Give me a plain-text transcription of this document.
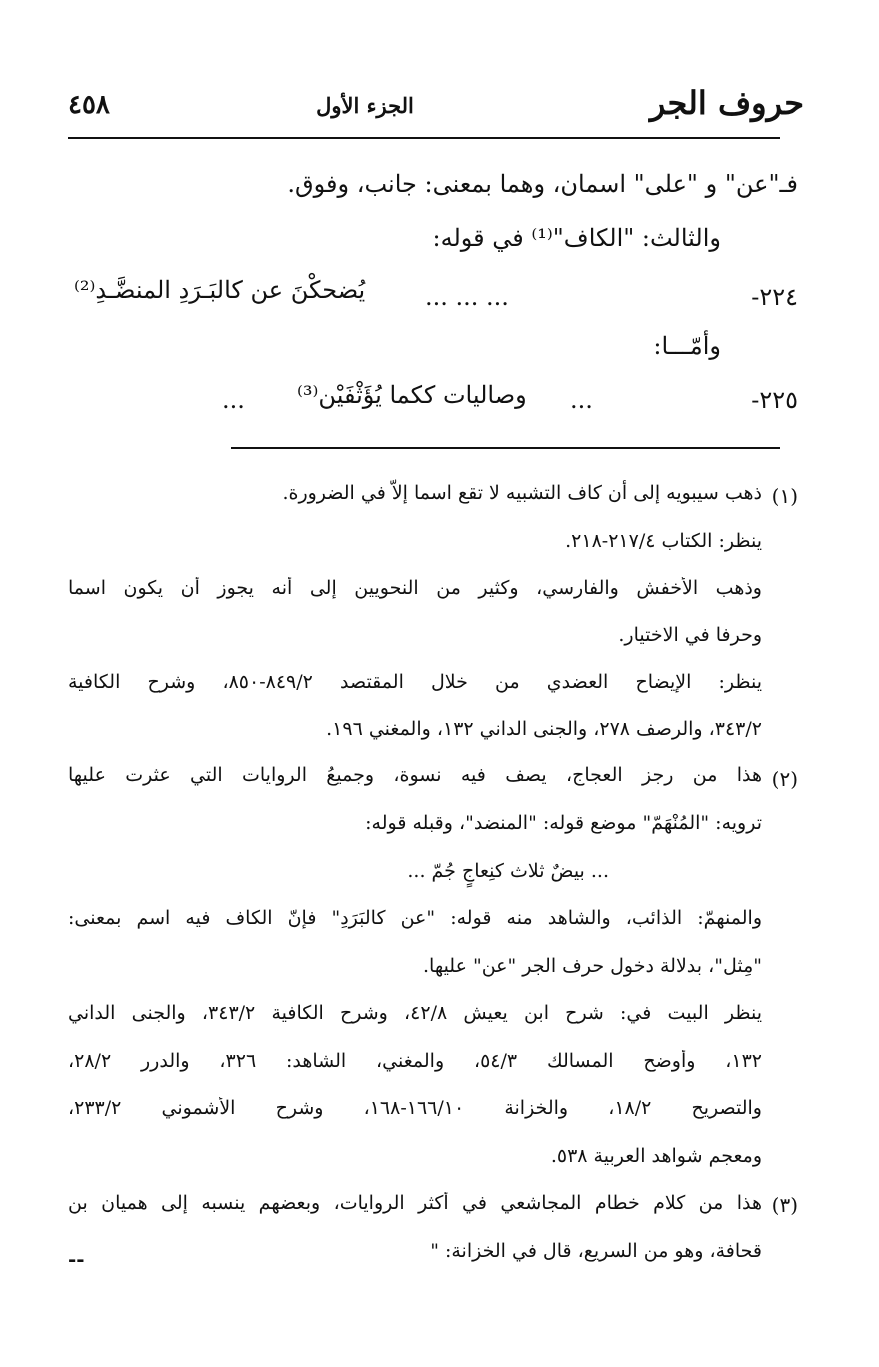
حروف الجر
الجزء الأول
٤٥٨
فـ"عن" و "على" اسمان، وهما بمعنى: جانب، وفوق.
والثالث: "الكاف"⁽¹⁾ في قوله:
٢٢٤-
... ... ...
يُضحكْنَ عن كالبَـرَدِ المنضَّـدِ⁽²⁾
وأمّـــا:
٢٢٥-
...
وصاليات ككما يُؤَثْفَيْن⁽³⁾
...
(١)
ذهب سيبويه إلى أن كاف التشبيه لا تقع اسما إلاّ في الضرورة.
ينظر: الكتاب ٢١٧/٤-٢١٨.
وذهب الأخفش والفارسي، وكثير من النحويين إلى أنه يجوز أن يكون اسما
وحرفا في الاختيار.
ينظر: الإيضاح العضدي من خلال المقتصد ٨٤٩/٢-٨٥٠، وشرح الكافية
٣٤٣/٢، والرصف ٢٧٨، والجنى الداني ١٣٢، والمغني ١٩٦.
(٢)
هذا من رجز العجاج، يصف فيه نسوة، وجميعُ الروايات التي عثرت عليها
ترويه: "المُنْهَمّ" موضع قوله: "المنضد"، وقبله قوله:
... بيضٌ ثلاث كنِعاجٍ جُمّ ...
والمنهمّ: الذائب، والشاهد منه قوله: "عن كالبَرَدِ" فإنّ الكاف فيه اسم بمعنى:
"مِثل"، بدلالة دخول حرف الجر "عن" عليها.
ينظر البيت في: شرح ابن يعيش ٤٢/٨، وشرح الكافية ٣٤٣/٢، والجنى الداني
١٣٢، وأوضح المسالك ٥٤/٣، والمغني، الشاهد: ٣٢٦، والدرر ٢٨/٢،
والتصريح ١٨/٢، والخزانة ١٦٦/١٠-١٦٨، وشرح الأشموني ٢٣٣/٢،
ومعجم شواهد العربية ٥٣٨.
(٣)
هذا من كلام خطام المجاشعي في أكثر الروايات، وبعضهم ينسبه إلى هميان بن
قحافة، وهو من السريع، قال في الخزانة: "
--
